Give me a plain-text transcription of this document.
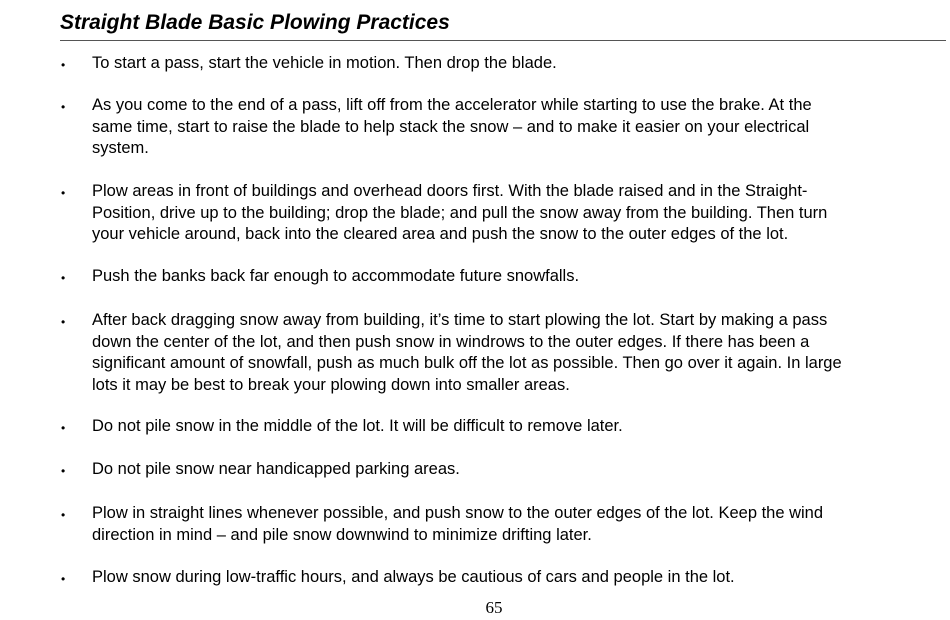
Straight Blade Basic Plowing Practices
• To start a pass, start the vehicle in motion. Then drop the blade.
• As you come to the end of a pass, lift off from the accelerator while starting to use the brake. At the
same time, start to raise the blade to help stack the snow – and to make it easier on your electrical
system.
• Plow areas in front of buildings and overhead doors first. With the blade raised and in the Straight-
Position, drive up to the building; drop the blade; and pull the snow away from the building. Then turn
your vehicle around, back into the cleared area and push the snow to the outer edges of the lot.
• Push the banks back far enough to accommodate future snowfalls.
• After back dragging snow away from building, it’s time to start plowing the lot. Start by making a pass
down the center of the lot, and then push snow in windrows to the outer edges. If there has been a
significant amount of snowfall, push as much bulk off the lot as possible. Then go over it again. In large
lots it may be best to break your plowing down into smaller areas.
• Do not pile snow in the middle of the lot. It will be difficult to remove later.
• Do not pile snow near handicapped parking areas.
• Plow in straight lines whenever possible, and push snow to the outer edges of the lot. Keep the wind
direction in mind – and pile snow downwind to minimize drifting later.
• Plow snow during low-traffic hours, and always be cautious of cars and people in the lot.
65
